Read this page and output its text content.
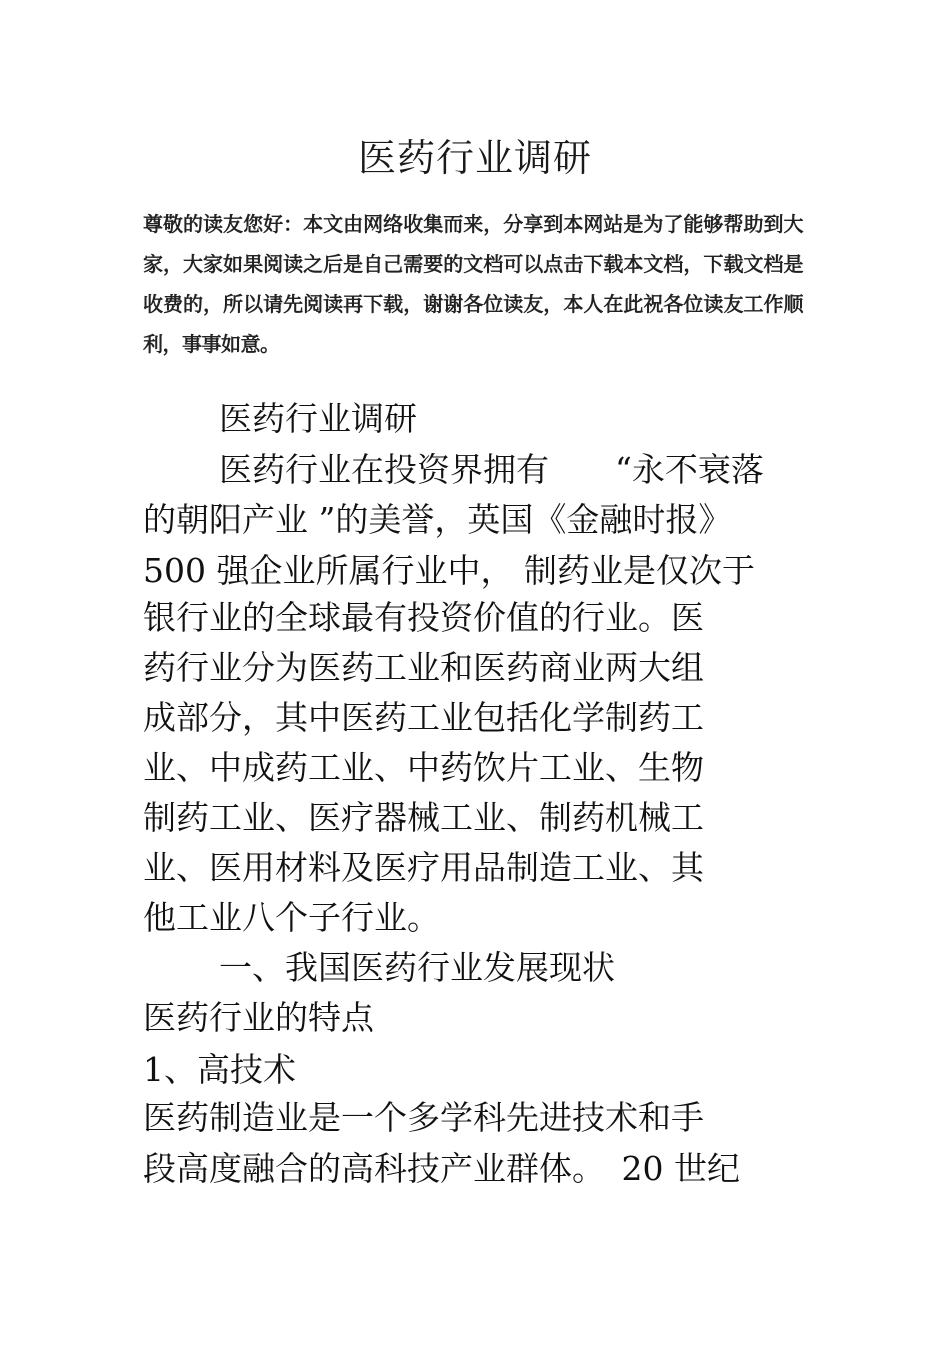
医药行业调研
尊敬的读友您好：本文由网络收集而来，分享到本网站是为了能够帮助到大家，大家如果阅读之后是自己需要的文档可以点击下载本文档，下载文档是收费的，所以请先阅读再下载，谢谢各位读友，本人在此祝各位读友工作顺利，事事如意。
医药行业调研
医药行业在投资界拥有　　“永不衰落
的朝阳产业 ”的美誉，英国《金融时报》
500 强企业所属行业中， 制药业是仅次于
银行业的全球最有投资价值的行业。医
药行业分为医药工业和医药商业两大组
成部分，其中医药工业包括化学制药工
业、中成药工业、中药饮片工业、生物
制药工业、医疗器械工业、制药机械工
业、医用材料及医疗用品制造工业、其
他工业八个子行业。
一、我国医药行业发展现状
医药行业的特点
1、高技术
医药制造业是一个多学科先进技术和手
段高度融合的高科技产业群体。　20 世纪
